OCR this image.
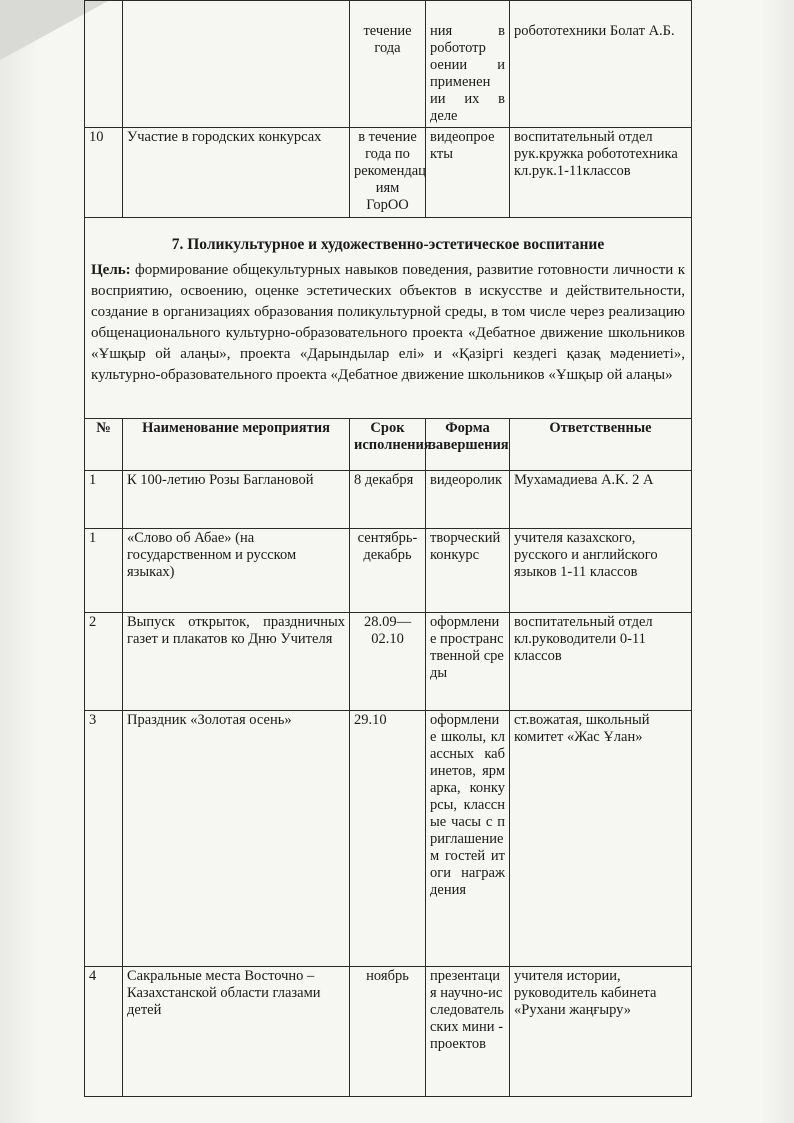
		течение года	ния в робототр оении и применен ии их в деле	робототехники Болат А.Б.
10	Участие в городских конкурсах	в течение года по рекомендац иям ГорОО	видеопрое кты	воспитательный отдел рук.кружка робототехника кл.рук.1-11классов
7. Поликультурное и художественно-эстетическое воспитание

Цель: формирование общекультурных навыков поведения, развитие готовности личности к восприятию, освоению, оценке эстетических объектов в искусстве и действительности, создание в организациях образования поликультурной среды, в том числе через реализацию общенационального культурно-образовательного проекта «Дебатное движение школьников «Ұшқыр ой алаңы», проекта «Дарындылар елі» и «Қазіргі кездегі қазақ мәдениеті», культурно-образовательного проекта «Дебатное движение школьников «Ұшқыр ой алаңы»

№	Наименование мероприятия	Срок исполнения	Форма завершения	Ответственные
1	К 100-летию Розы Баглановой	8 декабря	видеоролик	Мухамадиева А.К. 2 А
1	«Слово об Абае» (на государственном и русском языках)	сентябрь-декабрь	творческий конкурс	учителя казахского, русского и английского языков 1-11 классов
2	Выпуск открыток, праздничных газет и плакатов ко Дню Учителя	28.09—02.10	оформление пространственной среды	воспитательный отдел кл.руководители 0-11 классов
3	Праздник «Золотая осень»	29.10	оформление школы, классных кабинетов, ярмарка, конкурсы, классные часы с приглашением гостей итоги награждения	ст.вожатая, школьный комитет «Жас Ұлан»
4	Сакральные места Восточно – Казахстанской области глазами детей	ноябрь	презентация научно-исследовательских мини - проектов	учителя истории, руководитель кабинета «Рухани жаңғыру»
